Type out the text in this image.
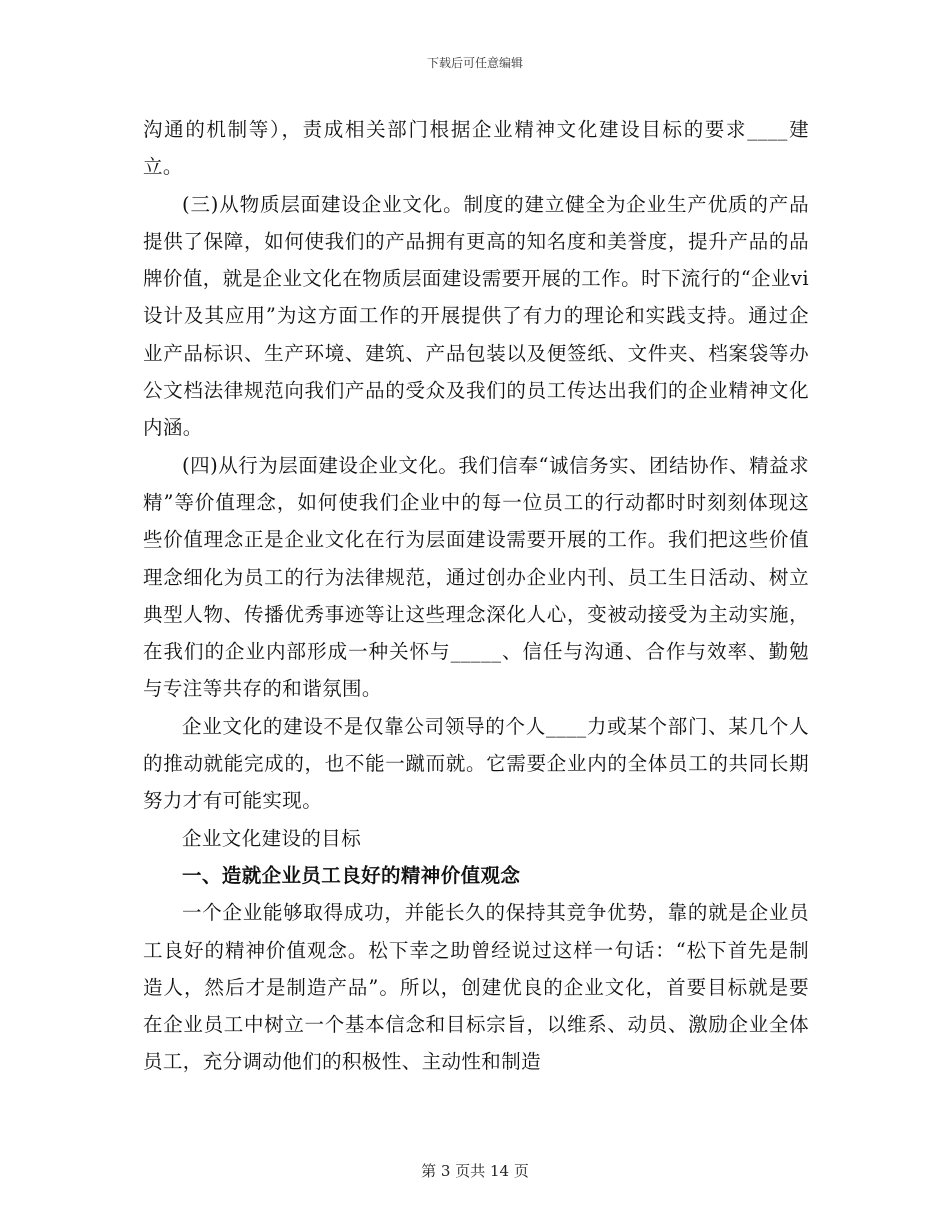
下载后可任意编辑

沟通的机制等），责成相关部门根据企业精神文化建设目标的要求____建立。

(三)从物质层面建设企业文化。制度的建立健全为企业生产优质的产品提供了保障，如何使我们的产品拥有更高的知名度和美誉度，提升产品的品牌价值，就是企业文化在物质层面建设需要开展的工作。时下流行的“企业vi设计及其应用”为这方面工作的开展提供了有力的理论和实践支持。通过企业产品标识、生产环境、建筑、产品包装以及便签纸、文件夹、档案袋等办公文档法律规范向我们产品的受众及我们的员工传达出我们的企业精神文化内涵。

(四)从行为层面建设企业文化。我们信奉“诚信务实、团结协作、精益求精”等价值理念，如何使我们企业中的每一位员工的行动都时时刻刻体现这些价值理念正是企业文化在行为层面建设需要开展的工作。我们把这些价值理念细化为员工的行为法律规范，通过创办企业内刊、员工生日活动、树立典型人物、传播优秀事迹等让这些理念深化人心，变被动接受为主动实施，在我们的企业内部形成一种关怀与_____、信任与沟通、合作与效率、勤勉与专注等共存的和谐氛围。

企业文化的建设不是仅靠公司领导的个人____力或某个部门、某几个人的推动就能完成的，也不能一蹴而就。它需要企业内的全体员工的共同长期努力才有可能实现。

企业文化建设的目标

一、造就企业员工良好的精神价值观念

一个企业能够取得成功，并能长久的保持其竞争优势，靠的就是企业员工良好的精神价值观念。松下幸之助曾经说过这样一句话：“松下首先是制造人，然后才是制造产品”。所以，创建优良的企业文化，首要目标就是要在企业员工中树立一个基本信念和目标宗旨，以维系、动员、激励企业全体员工，充分调动他们的积极性、主动性和制造

第 3 页共 14 页
